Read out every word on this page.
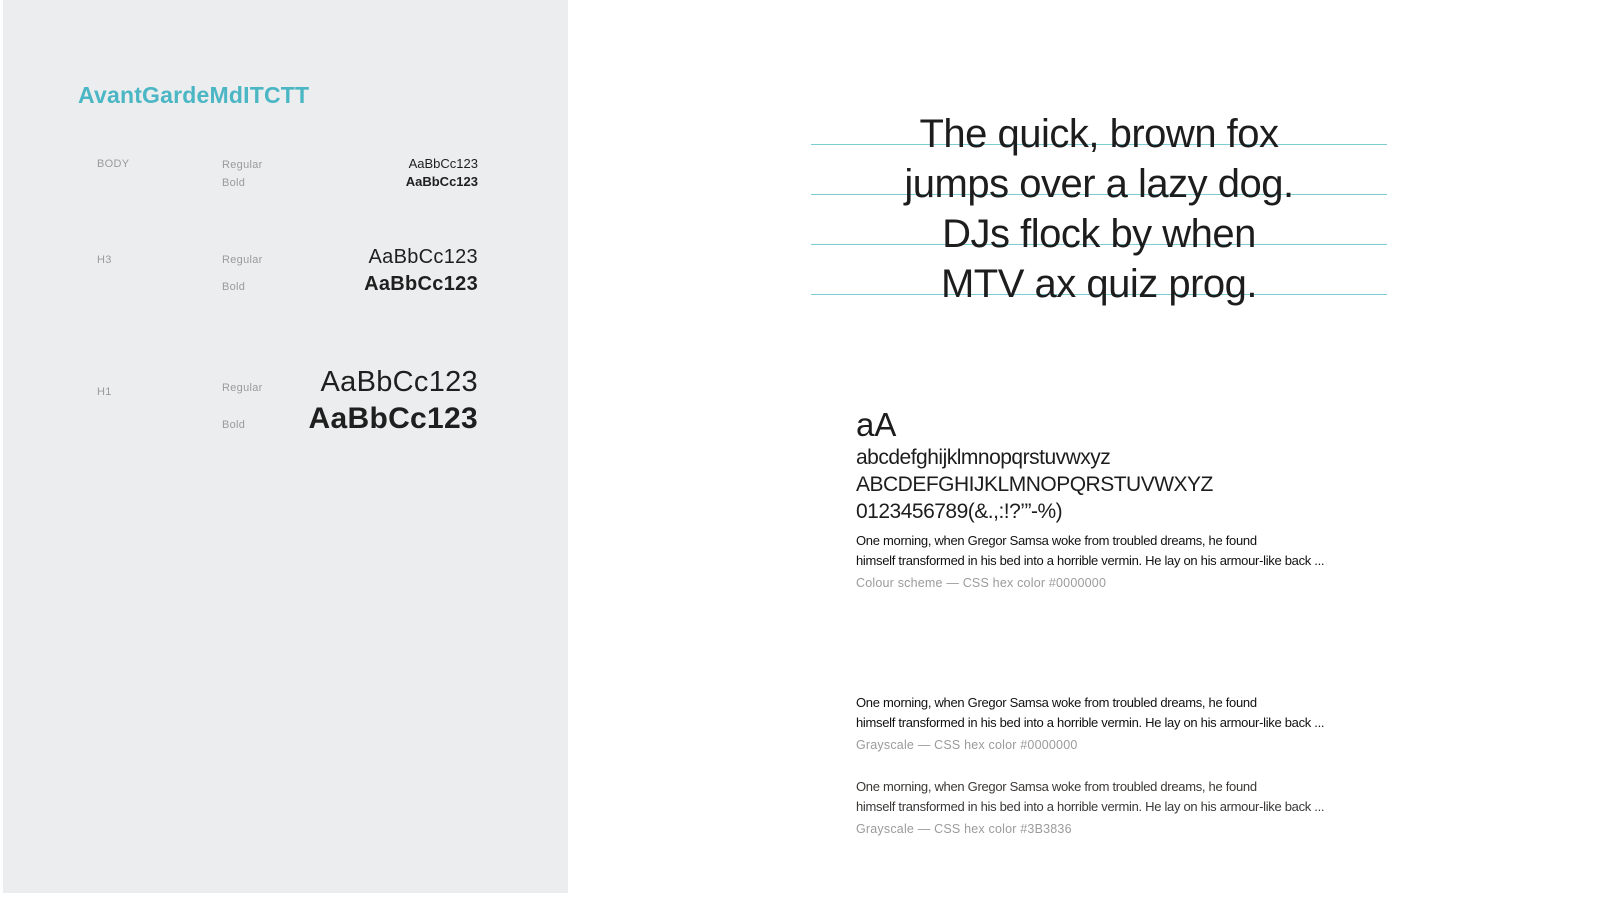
AvantGardeMdITCTT
BODY	Regular	AaBbCc123
Bold	AaBbCc123
H3	Regular	AaBbCc123
Bold	AaBbCc123
H1	Regular AaBbCc123
Bold AaBbCc123
The quick, brown fox
jumps over a lazy dog.
DJs flock by when
MTV ax quiz prog.
aA
abcdefghijklmnopqrstuvwxyz
ABCDEFGHIJKLMNOPQRSTUVWXYZ
0123456789(&.,:!?’”-%)
One morning, when Gregor Samsa woke from troubled dreams, he found
himself transformed in his bed into a horrible vermin. He lay on his armour-like back ...
Colour scheme — CSS hex color #0000000
One morning, when Gregor Samsa woke from troubled dreams, he found
himself transformed in his bed into a horrible vermin. He lay on his armour-like back ...
Grayscale — CSS hex color #0000000
One morning, when Gregor Samsa woke from troubled dreams, he found
himself transformed in his bed into a horrible vermin. He lay on his armour-like back ...
Grayscale — CSS hex color #3B3836
